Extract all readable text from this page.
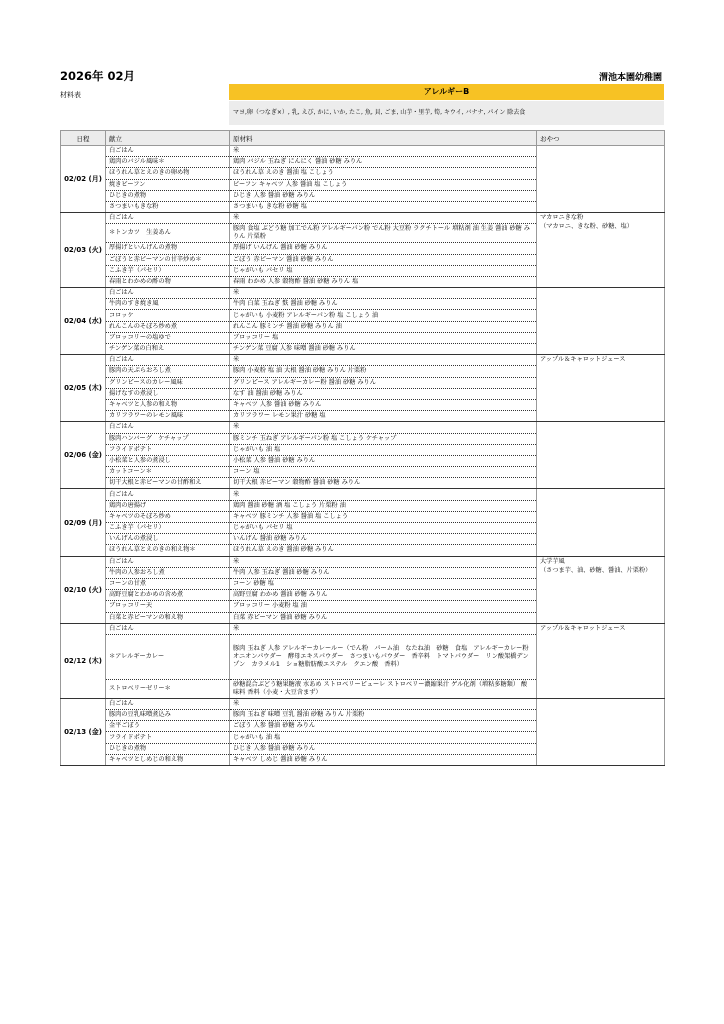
2026年 02月	渭池本園幼稚園
材料表	アレルギーB
マヨ,卵（つなぎ×）, 乳, えび, かに, いか, たこ, 魚, 貝, ごま, 山芋・里芋, 筍, キウイ, バナナ, パイン 除去食
日程	献立	原材料	おやつ
02/02 (月)	白ごはん	米	
	鶏肉のバジル風味＊	鶏肉 バジル 玉ねぎ にんにく 醤油 砂糖 みりん	
	ほうれん草とえのきの卵め物	ほうれん草 えのき 醤油 塩 こしょう	
	焼きビーフン	ビーフン キャベツ 人参 醤油 塩 こしょう	
	ひじきの煮物	ひじき 人参 醤油 砂糖 みりん	
	さつまいもきな粉	さつまいも きな粉 砂糖 塩	
02/03 (火)	白ごはん	米	マカロニきな粉
（マカロニ、きな粉、砂糖、塩）
	＊トンカツ　生姜あん	豚肉 食塩 ぶどう糖 加工でん粉 アレルギーパン粉 でん粉 大豆粉 ラクチトール 増粘剤 油 生姜 醤油 砂糖 みりん 片栗粉	
	厚揚げといんげんの煮物	厚揚げ いんげん 醤油 砂糖 みりん	
	ごぼうと赤ピーマンの甘辛炒め＊	ごぼう 赤ピーマン 醤油 砂糖 みりん	
	こふき芋（パセリ）	じゃがいも パセリ 塩	
	春雨とわかめの酢の物	春雨 わかめ 人参 穀物酢 醤油 砂糖 みりん 塩	
02/04 (水)	白ごはん	米	
	牛肉のすき焼き風	牛肉 白菜 玉ねぎ 麩 醤油 砂糖 みりん	
	コロッケ	じゃがいも 小麦粉 アレルギーパン粉 塩 こしょう 油	
	れんこんのそぼろ炒め煮	れんこん 豚ミンチ 醤油 砂糖 みりん 油	
	ブロッコリーの塩ゆで	ブロッコリー 塩	
	チンゲン菜の白和え	チンゲン菜 豆腐 人参 味噌 醤油 砂糖 みりん	
02/05 (木)	白ごはん	米	アップル＆キャロットジュース
	豚肉の天ぷらおろし煮	豚肉 小麦粉 塩 油 大根 醤油 砂糖 みりん 片栗粉	
	グリンピースのカレー風味	グリンピース アレルギーカレー粉 醤油 砂糖 みりん	
	揚げなすの煮浸し	なす 油 醤油 砂糖 みりん	
	キャベツと人参の和え物	キャベツ 人参 醤油 砂糖 みりん	
	カリフラワーのレモン風味	カリフラワー レモン果汁 砂糖 塩	
02/06 (金)	白ごはん	米	
	豚肉ハンバーグ　ケチャップ	豚ミンチ 玉ねぎ アレルギーパン粉 塩 こしょう ケチャップ	
	フライドポテト	じゃがいも 油 塩	
	小松菜と人参の煮浸し	小松菜 人参 醤油 砂糖 みりん	
	カットコーン＊	コーン 塩	
	切干大根と赤ピーマンの甘酢和え	切干大根 赤ピーマン 穀物酢 醤油 砂糖 みりん	
02/09 (月)	白ごはん	米	
	鶏肉の唐揚げ	鶏肉 醤油 砂糖 酒 塩 こしょう 片栗粉 油	
	キャベツのそぼろ炒め	キャベツ 豚ミンチ 人参 醤油 塩 こしょう	
	こふき芋（パセリ）	じゃがいも パセリ 塩	
	いんげんの煮浸し	いんげん 醤油 砂糖 みりん	
	ほうれん草とえのきの和え物＊	ほうれん草 えのき 醤油 砂糖 みりん	
02/10 (火)	白ごはん	米	大学芋風
（さつま芋、油、砂糖、醤油、片栗粉）
	牛肉の人参おろし煮	牛肉 人参 玉ねぎ 醤油 砂糖 みりん	
	コーンの甘煮	コーン 砂糖 塩	
	高野豆腐とわかめの含め煮	高野豆腐 わかめ 醤油 砂糖 みりん	
	ブロッコリー天	ブロッコリー 小麦粉 塩 油	
	白菜と赤ピーマンの和え物	白菜 赤ピーマン 醤油 砂糖 みりん	
02/12 (木)	白ごはん	米	アップル＆キャロットジュース
	＊アレルギーカレー	豚肉 玉ねぎ 人参 アレルギーカレールー（でん粉　パーム油　なたね油　砂糖　食塩　アレルギーカレー粉　オニオンパウダー　酵母エキスパウダー　さつまいもパウダー　香辛料　トマトパウダー　リン酸架橋デンプン　カラメル1　ショ糖脂肪酸エステル　クエン酸　香料）	
	ストロベリーゼリー＊	砂糖混合ぶどう糖果糖液 水あめ ストロベリーピューレ ストロベリー濃縮果汁 ゲル化剤（増粘多糖類） 酸味料 香料（小麦・大豆含まず）	
02/13 (金)	白ごはん	米	
	豚肉の豆乳味噌煮込み	豚肉 玉ねぎ 味噌 豆乳 醤油 砂糖 みりん 片栗粉	
	金平ごぼう	ごぼう 人参 醤油 砂糖 みりん	
	フライドポテト	じゃがいも 油 塩	
	ひじきの煮物	ひじき 人参 醤油 砂糖 みりん	
	キャベツとしめじの和え物	キャベツ しめじ 醤油 砂糖 みりん	
